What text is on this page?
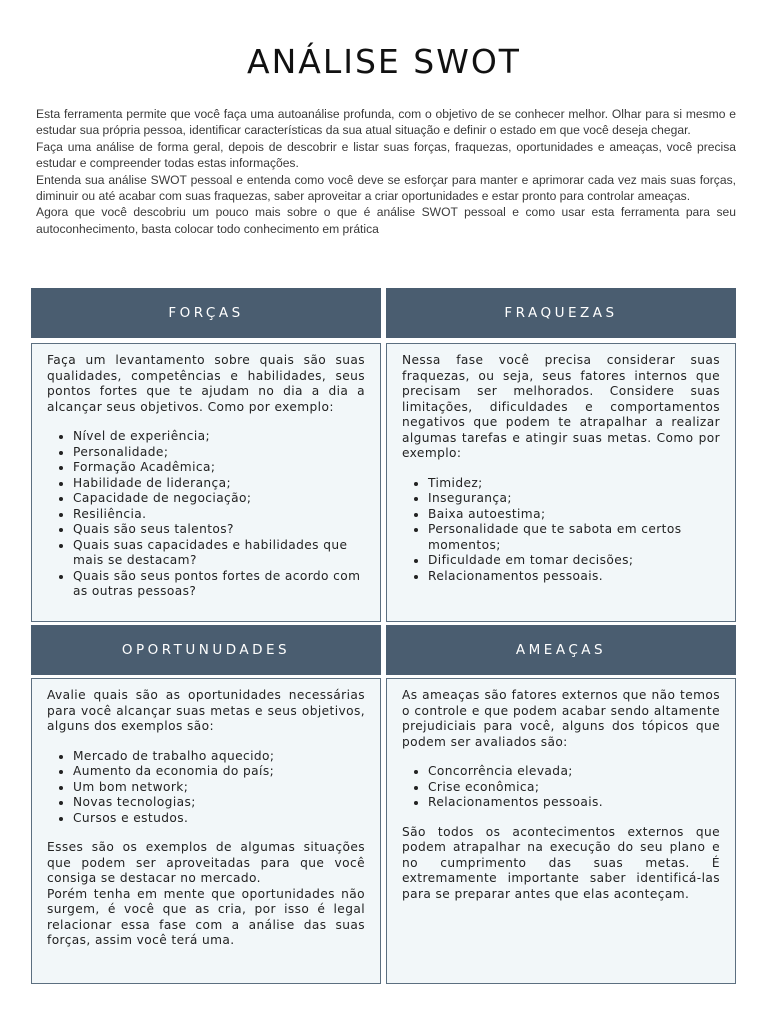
ANÁLISE SWOT

Esta ferramenta permite que você faça uma autoanálise profunda, com o objetivo de se conhecer melhor. Olhar para si mesmo e estudar sua própria pessoa, identificar características da sua atual situação e definir o estado em que você deseja chegar.

Faça uma análise de forma geral, depois de descobrir e listar suas forças, fraquezas, oportunidades e ameaças, você precisa estudar e compreender todas estas informações.

Entenda sua análise SWOT pessoal e entenda como você deve se esforçar para manter e aprimorar cada vez mais suas forças, diminuir ou até acabar com suas fraquezas, saber aproveitar a criar oportunidades e estar pronto para controlar ameaças.

Agora que você descobriu um pouco mais sobre o que é análise SWOT pessoal e como usar esta ferramenta para seu autoconhecimento, basta colocar todo conhecimento em prática

FORÇAS

Faça um levantamento sobre quais são suas qualidades, competências e habilidades, seus pontos fortes que te ajudam no dia a dia a alcançar seus objetivos. Como por exemplo:

• Nível de experiência;
• Personalidade;
• Formação Acadêmica;
• Habilidade de liderança;
• Capacidade de negociação;
• Resiliência.
• Quais são seus talentos?
• Quais suas capacidades e habilidades que mais se destacam?
• Quais são seus pontos fortes de acordo com as outras pessoas?
FRAQUEZAS

Nessa fase você precisa considerar suas fraquezas, ou seja, seus fatores internos que precisam ser melhorados. Considere suas limitações, dificuldades e comportamentos negativos que podem te atrapalhar a realizar algumas tarefas e atingir suas metas. Como por exemplo:

• Timidez;
• Insegurança;
• Baixa autoestima;
• Personalidade que te sabota em certos momentos;
• Dificuldade em tomar decisões;
• Relacionamentos pessoais.
OPORTUNUDADES

Avalie quais são as oportunidades necessárias para você alcançar suas metas e seus objetivos, alguns dos exemplos são:

• Mercado de trabalho aquecido;
• Aumento da economia do país;
• Um bom network;
• Novas tecnologias;
• Cursos e estudos.

Esses são os exemplos de algumas situações que podem ser aproveitadas para que você consiga se destacar no mercado.

Porém tenha em mente que oportunidades não surgem, é você que as cria, por isso é legal relacionar essa fase com a análise das suas forças, assim você terá uma.

AMEAÇAS

As ameaças são fatores externos que não temos o controle e que podem acabar sendo altamente prejudiciais para você, alguns dos tópicos que podem ser avaliados são:

• Concorrência elevada;
• Crise econômica;
• Relacionamentos pessoais.

São todos os acontecimentos externos que podem atrapalhar na execução do seu plano e no cumprimento das suas metas. É extremamente importante saber identificá-las para se preparar antes que elas aconteçam.
